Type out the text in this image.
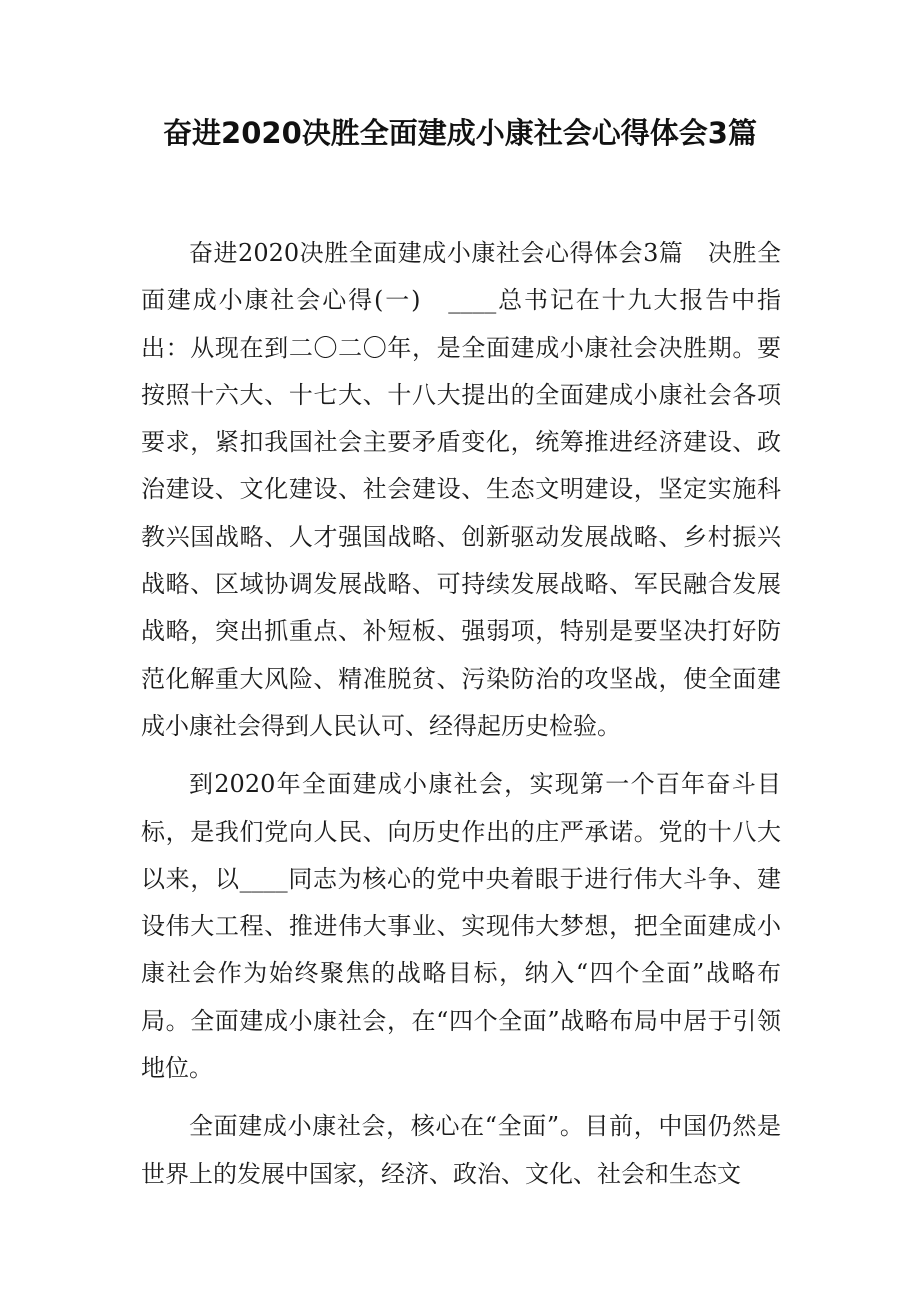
奋进2020决胜全面建成小康社会心得体会3篇

奋进2020决胜全面建成小康社会心得体会3篇　决胜全面建成小康社会心得(一)　____总书记在十九大报告中指出：从现在到二〇二〇年，是全面建成小康社会决胜期。要按照十六大、十七大、十八大提出的全面建成小康社会各项要求，紧扣我国社会主要矛盾变化，统筹推进经济建设、政治建设、文化建设、社会建设、生态文明建设，坚定实施科教兴国战略、人才强国战略、创新驱动发展战略、乡村振兴战略、区域协调发展战略、可持续发展战略、军民融合发展战略，突出抓重点、补短板、强弱项，特别是要坚决打好防范化解重大风险、精准脱贫、污染防治的攻坚战，使全面建成小康社会得到人民认可、经得起历史检验。

到2020年全面建成小康社会，实现第一个百年奋斗目标，是我们党向人民、向历史作出的庄严承诺。党的十八大以来，以____同志为核心的党中央着眼于进行伟大斗争、建设伟大工程、推进伟大事业、实现伟大梦想，把全面建成小康社会作为始终聚焦的战略目标，纳入“四个全面”战略布局。全面建成小康社会，在“四个全面”战略布局中居于引领地位。

全面建成小康社会，核心在“全面”。目前，中国仍然是世界上的发展中国家，经济、政治、文化、社会和生态文
